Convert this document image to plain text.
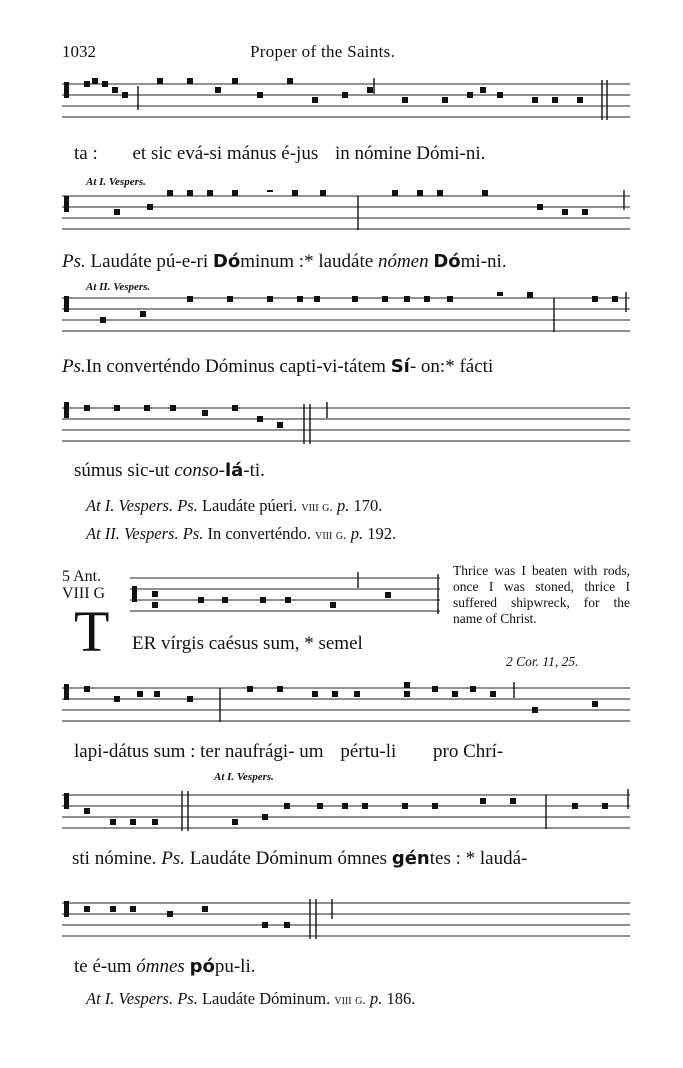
1032	Proper of the Saints.
ta : et sic evá-si mánus é-jus in nómine Dómi-ni.
At I. Vespers.
Ps. Laudáte pú-e-ri Dóminum :* laudáte nómen Dómi-ni.
At II. Vespers.
Ps.In converténdo Dóminus capti-vi-tátem Sí- on:* fácti
súmus sic-ut conso-lá-ti.
At I. Vespers. Ps. Laudáte púeri. viii g. p. 170.
At II. Vespers. Ps. In converténdo. viii g. p. 192.
5 Ant.
VIII G
T ER vírgis caésus sum, * semel
Thrice was I beaten with rods, once I was stoned, thrice I suffered shipwreck, for the name of Christ.
2 Cor. 11, 25.
lapi-dátus sum : ter naufrági- um pértu-li pro Chrí-
At I. Vespers.
sti nómine. Ps. Laudáte Dóminum ómnes géntes : * laudá-
te é-um ómnes pópu-li.
At I. Vespers. Ps. Laudáte Dóminum. viii g. p. 186.
